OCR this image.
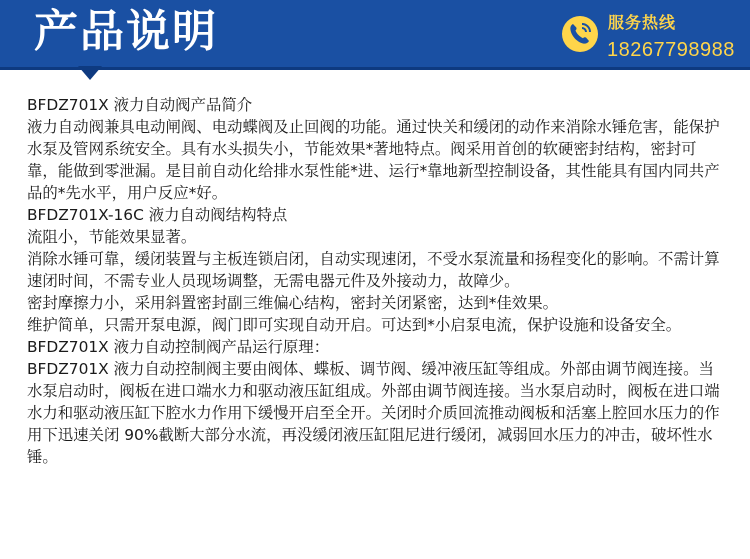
产品说明	服务热线
18267798988

BFDZ701X 液力自动阀产品简介

液力自动阀兼具电动闸阀、电动蝶阀及止回阀的功能。通过快关和缓闭的动作来消除水锤危害，能保护水泵及管网系统安全。具有水头损失小，节能效果*著地特点。阀采用首创的软硬密封结构，密封可靠，能做到零泄漏。是目前自动化给排水泵性能*进、运行*靠地新型控制设备，其性能具有国内同共产品的*先水平，用户反应*好。

BFDZ701X-16C 液力自动阀结构特点

流阻小，节能效果显著。

消除水锤可靠，缓闭装置与主板连锁启闭，自动实现速闭，不受水泵流量和扬程变化的影响。不需计算速闭时间，不需专业人员现场调整，无需电器元件及外接动力，故障少。

密封摩擦力小，采用斜置密封副三维偏心结构，密封关闭紧密，达到*佳效果。

维护简单，只需开泵电源，阀门即可实现自动开启。可达到*小启泵电流，保护设施和设备安全。

BFDZ701X 液力自动控制阀产品运行原理：

BFDZ701X 液力自动控制阀主要由阀体、蝶板、调节阀、缓冲液压缸等组成。外部由调节阀连接。当水泵启动时，阀板在进口端水力和驱动液压缸组成。外部由调节阀连接。当水泵启动时，阀板在进口端水力和驱动液压缸下腔水力作用下缓慢开启至全开。关闭时介质回流推动阀板和活塞上腔回水压力的作用下迅速关闭 90%截断大部分水流，再没缓闭液压缸阻尼进行缓闭，减弱回水压力的冲击，破坏性水锤。
